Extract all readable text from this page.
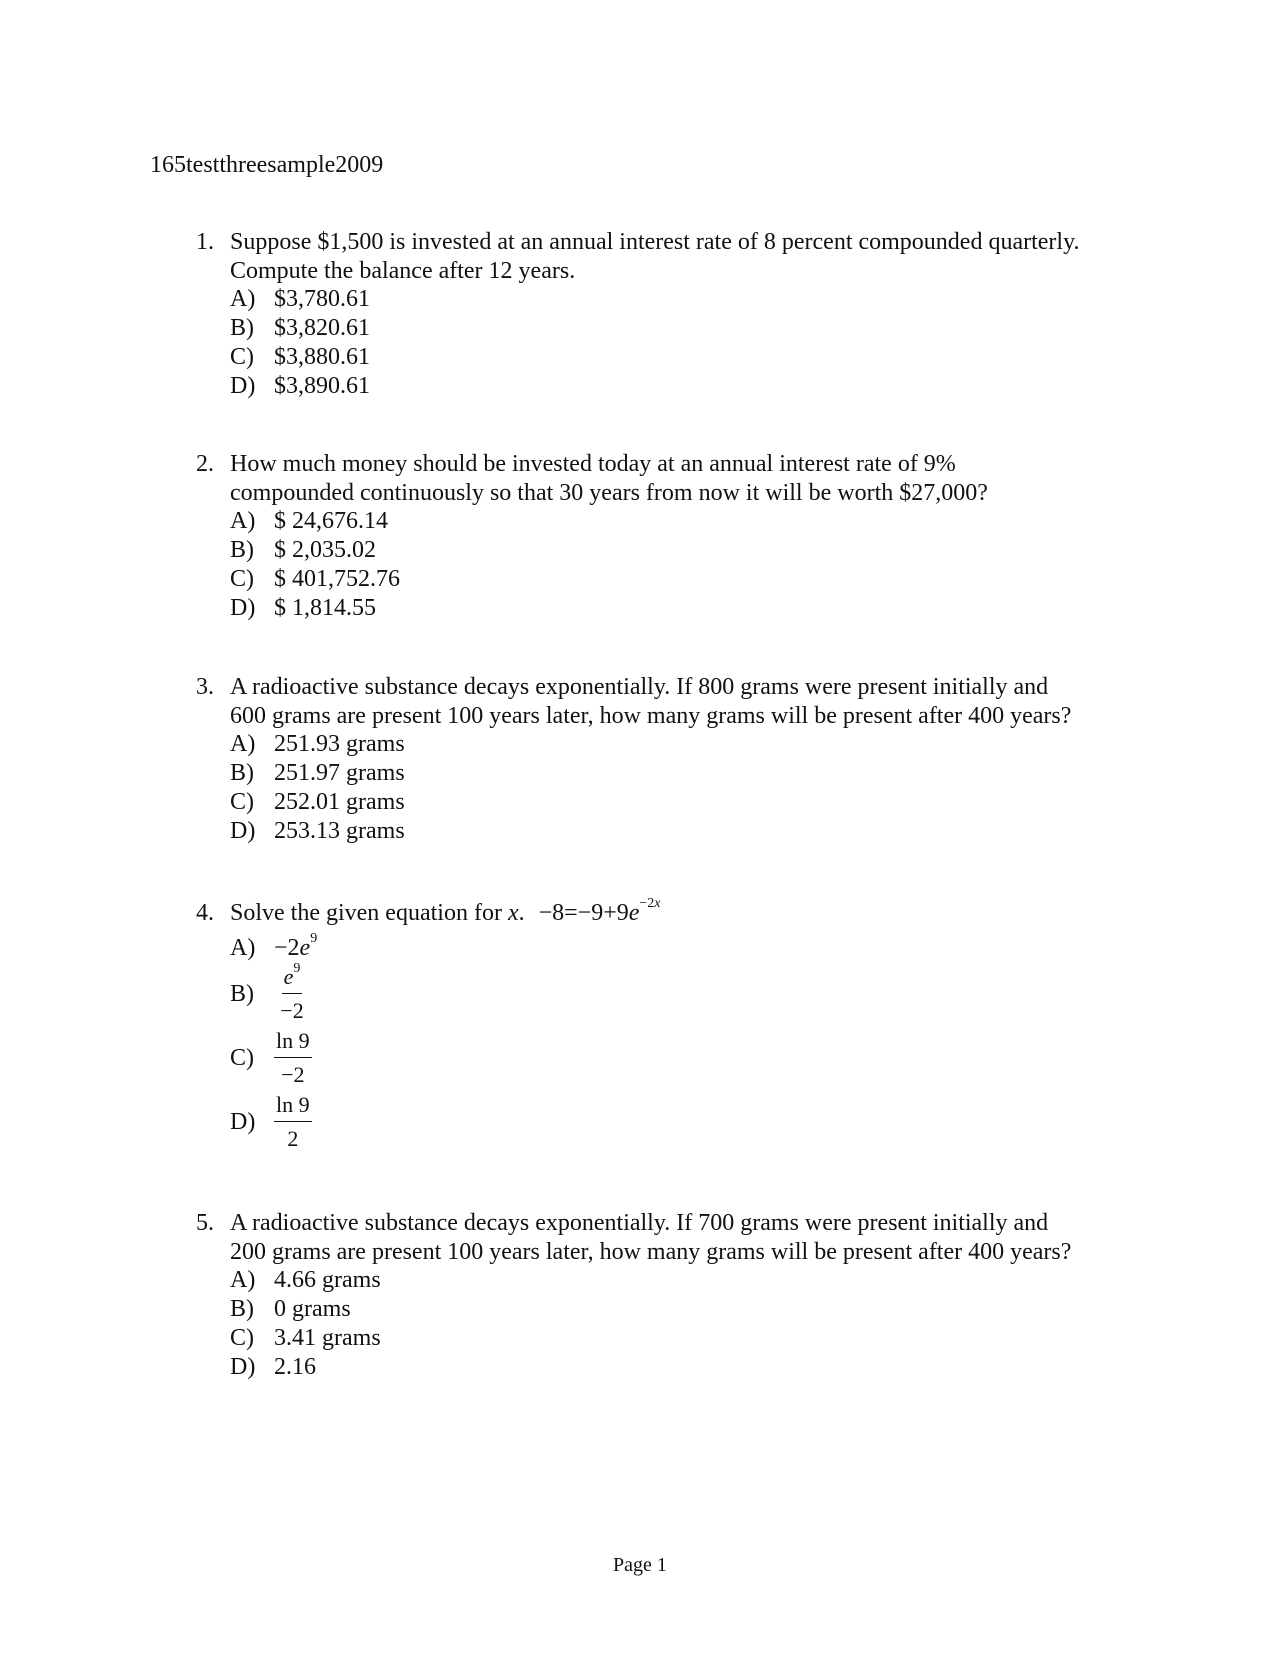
165testthreesample2009
1. Suppose $1,500 is invested at an annual interest rate of 8 percent compounded quarterly.
Compute the balance after 12 years.
A) $3,780.61
B) $3,820.61
C) $3,880.61
D) $3,890.61
2. How much money should be invested today at an annual interest rate of 9%
compounded continuously so that 30 years from now it will be worth $27,000?
A) $ 24,676.14
B) $ 2,035.02
C) $ 401,752.76
D) $ 1,814.55
3. A radioactive substance decays exponentially. If 800 grams were present initially and
600 grams are present 100 years later, how many grams will be present after 400 years?
A) 251.93 grams
B) 251.97 grams
C) 252.01 grams
D) 253.13 grams
4. Solve the given equation for x. $-8=-9+9e^{-2x}$
$A) -2e^9$
$B) \frac{e^9}{-2}$
$C) \frac{\ln 9}{-2}$
$D) \frac{\ln 9}{2}$
5. A radioactive substance decays exponentially. If 700 grams were present initially and
200 grams are present 100 years later, how many grams will be present after 400 years?
A) 4.66 grams
B) 0 grams
C) 3.41 grams
D) 2.16
Page 1
